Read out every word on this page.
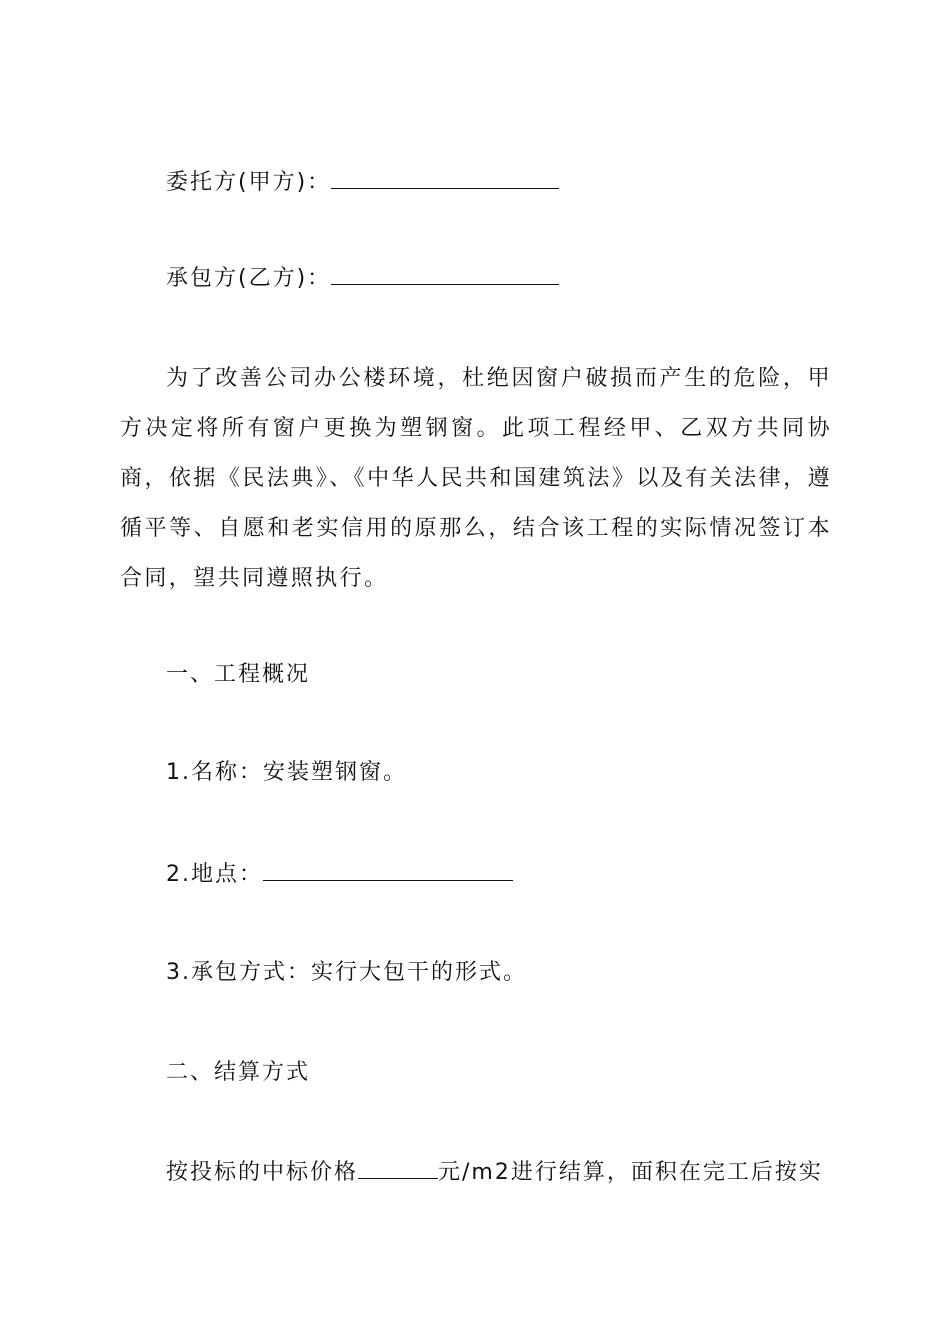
委托方(甲方)：
承包方(乙方)：
为了改善公司办公楼环境，杜绝因窗户破损而产生的危险，甲方决定将所有窗户更换为塑钢窗。此项工程经甲、乙双方共同协商，依据《民法典》、《中华人民共和国建筑法》以及有关法律，遵循平等、自愿和老实信用的原那么，结合该工程的实际情况签订本合同，望共同遵照执行。
一、工程概况
1.名称：安装塑钢窗。
2.地点：
3.承包方式：实行大包干的形式。
二、结算方式
按投标的中标价格	元/m2进行结算，面积在完工后按实
